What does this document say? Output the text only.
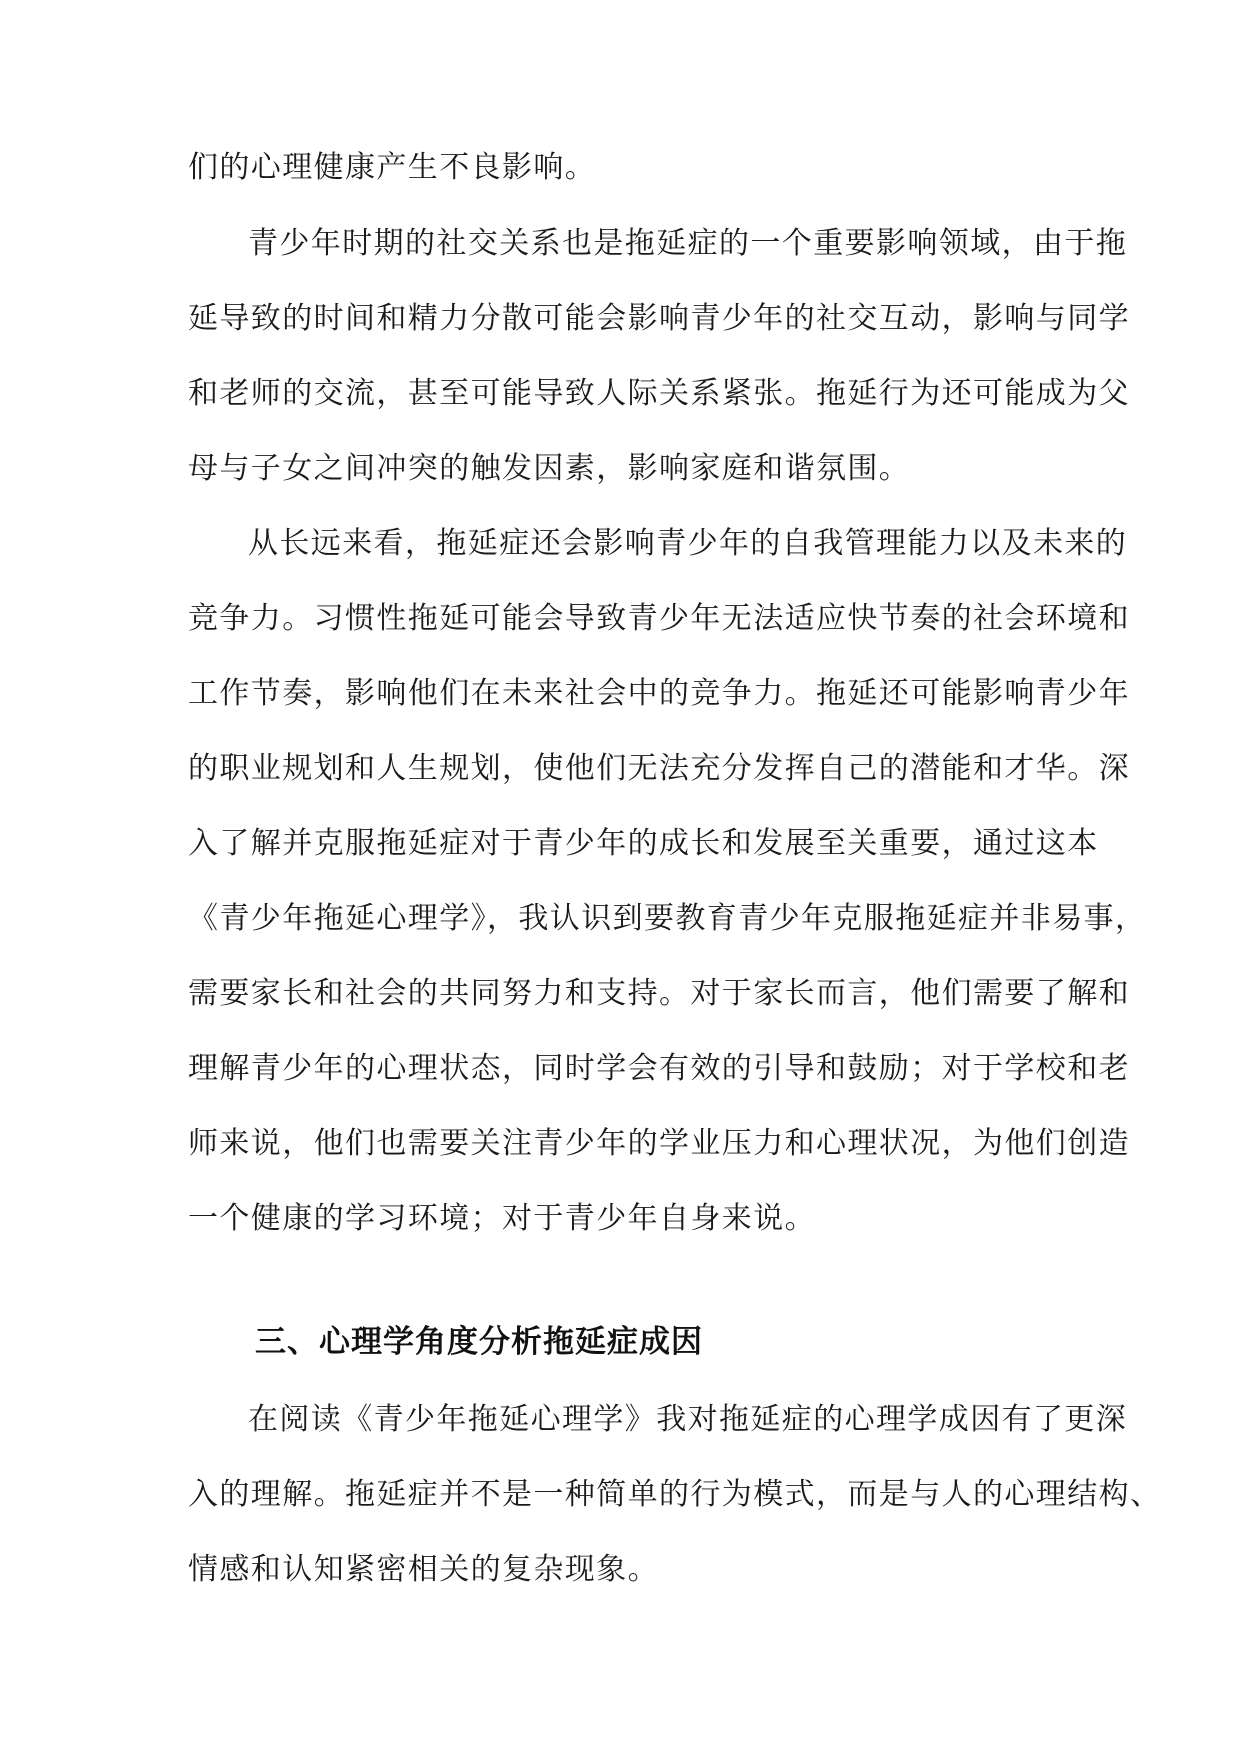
们的心理健康产生不良影响。
青少年时期的社交关系也是拖延症的一个重要影响领域，由于拖
延导致的时间和精力分散可能会影响青少年的社交互动，影响与同学
和老师的交流，甚至可能导致人际关系紧张。拖延行为还可能成为父
母与子女之间冲突的触发因素，影响家庭和谐氛围。
从长远来看，拖延症还会影响青少年的自我管理能力以及未来的
竞争力。习惯性拖延可能会导致青少年无法适应快节奏的社会环境和
工作节奏，影响他们在未来社会中的竞争力。拖延还可能影响青少年
的职业规划和人生规划，使他们无法充分发挥自己的潜能和才华。深
入了解并克服拖延症对于青少年的成长和发展至关重要，通过这本
《青少年拖延心理学》，我认识到要教育青少年克服拖延症并非易事，
需要家长和社会的共同努力和支持。对于家长而言，他们需要了解和
理解青少年的心理状态，同时学会有效的引导和鼓励；对于学校和老
师来说，他们也需要关注青少年的学业压力和心理状况，为他们创造
一个健康的学习环境；对于青少年自身来说。
三、心理学角度分析拖延症成因
在阅读《青少年拖延心理学》我对拖延症的心理学成因有了更深
入的理解。拖延症并不是一种简单的行为模式，而是与人的心理结构、
情感和认知紧密相关的复杂现象。
